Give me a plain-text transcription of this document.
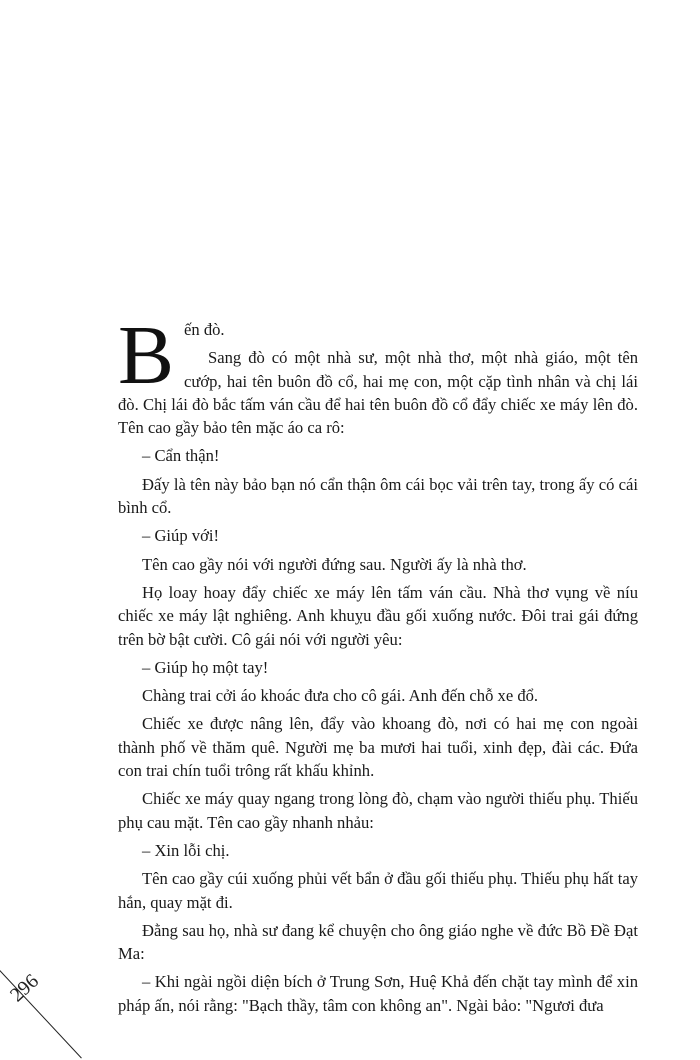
Bến đò.

Sang đò có một nhà sư, một nhà thơ, một nhà giáo, một tên cướp, hai tên buôn đồ cổ, hai mẹ con, một cặp tình nhân và chị lái đò. Chị lái đò bắc tấm ván cầu để hai tên buôn đồ cổ đẩy chiếc xe máy lên đò. Tên cao gầy bảo tên mặc áo ca rô:

– Cẩn thận!

Đấy là tên này bảo bạn nó cẩn thận ôm cái bọc vải trên tay, trong ấy có cái bình cổ.

– Giúp với!

Tên cao gầy nói với người đứng sau. Người ấy là nhà thơ.

Họ loay hoay đẩy chiếc xe máy lên tấm ván cầu. Nhà thơ vụng về níu chiếc xe máy lật nghiêng. Anh khuỵu đầu gối xuống nước. Đôi trai gái đứng trên bờ bật cười. Cô gái nói với người yêu:

– Giúp họ một tay!

Chàng trai cởi áo khoác đưa cho cô gái. Anh đến chỗ xe đổ.

Chiếc xe được nâng lên, đẩy vào khoang đò, nơi có hai mẹ con ngoài thành phố về thăm quê. Người mẹ ba mươi hai tuổi, xinh đẹp, đài các. Đứa con trai chín tuổi trông rất khấu khỉnh.

Chiếc xe máy quay ngang trong lòng đò, chạm vào người thiếu phụ. Thiếu phụ cau mặt. Tên cao gầy nhanh nhảu:

– Xin lỗi chị.

Tên cao gầy cúi xuống phủi vết bẩn ở đầu gối thiếu phụ. Thiếu phụ hất tay hắn, quay mặt đi.

Đằng sau họ, nhà sư đang kể chuyện cho ông giáo nghe về đức Bồ Đề Đạt Ma:

– Khi ngài ngồi diện bích ở Trung Sơn, Huệ Khả đến chặt tay mình để xin pháp ấn, nói rằng: "Bạch thầy, tâm con không an". Ngài bảo: "Ngươi đưa

296
